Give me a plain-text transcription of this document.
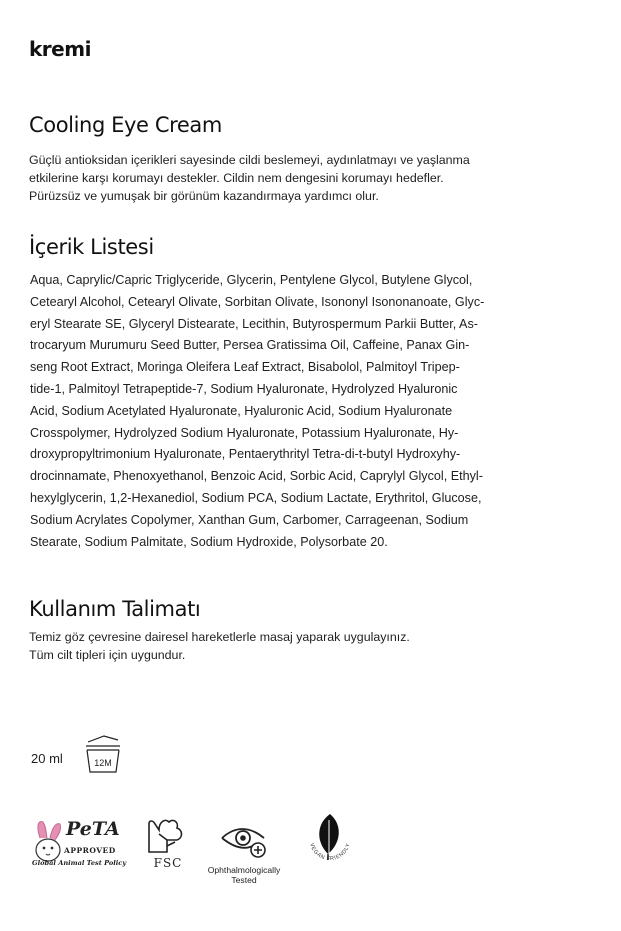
kremi
Cooling Eye Cream
Güçlü antioksidan içerikleri sayesinde cildi beslemeyi, aydınlatmayı ve yaşlanma
etkilerine karşı korumayı destekler. Cildin nem dengesini korumayı hedefler.
Pürüzsüz ve yumuşak bir görünüm kazandırmaya yardımcı olur.
İçerik Listesi
Aqua, Caprylic/Capric Triglyceride, Glycerin, Pentylene Glycol, Butylene Glycol,
Cetearyl Alcohol, Cetearyl Olivate, Sorbitan Olivate, Isononyl Isononanoate, Glyc-
eryl Stearate SE, Glyceryl Distearate, Lecithin, Butyrospermum Parkii Butter, As-
trocaryum Murumuru Seed Butter, Persea Gratissima Oil, Caffeine, Panax Gin-
seng Root Extract, Moringa Oleifera Leaf Extract, Bisabolol, Palmitoyl Tripep-
tide-1, Palmitoyl Tetrapeptide-7, Sodium Hyaluronate, Hydrolyzed Hyaluronic
Acid, Sodium Acetylated Hyaluronate, Hyaluronic Acid, Sodium Hyaluronate
Crosspolymer, Hydrolyzed Sodium Hyaluronate, Potassium Hyaluronate, Hy-
droxypropyltrimonium Hyaluronate, Pentaerythrityl Tetra-di-t-butyl Hydroxyhy-
drocinnamate, Phenoxyethanol, Benzoic Acid, Sorbic Acid, Caprylyl Glycol, Ethyl-
hexylglycerin, 1,2-Hexanediol, Sodium PCA, Sodium Lactate, Erythritol, Glucose,
Sodium Acrylates Copolymer, Xanthan Gum, Carbomer, Carrageenan, Sodium
Stearate, Sodium Palmitate, Sodium Hydroxide, Polysorbate 20.
Kullanım Talimatı
Temiz göz çevresine dairesel hareketlerle masaj yaparak uygulayınız.
Tüm cilt tipleri için uygundur.
20 ml	12M
PeTA
APPROVED
Global Animal Test Policy	FSC	Ophthalmologically
Tested
VEGAN FRIENDLY
